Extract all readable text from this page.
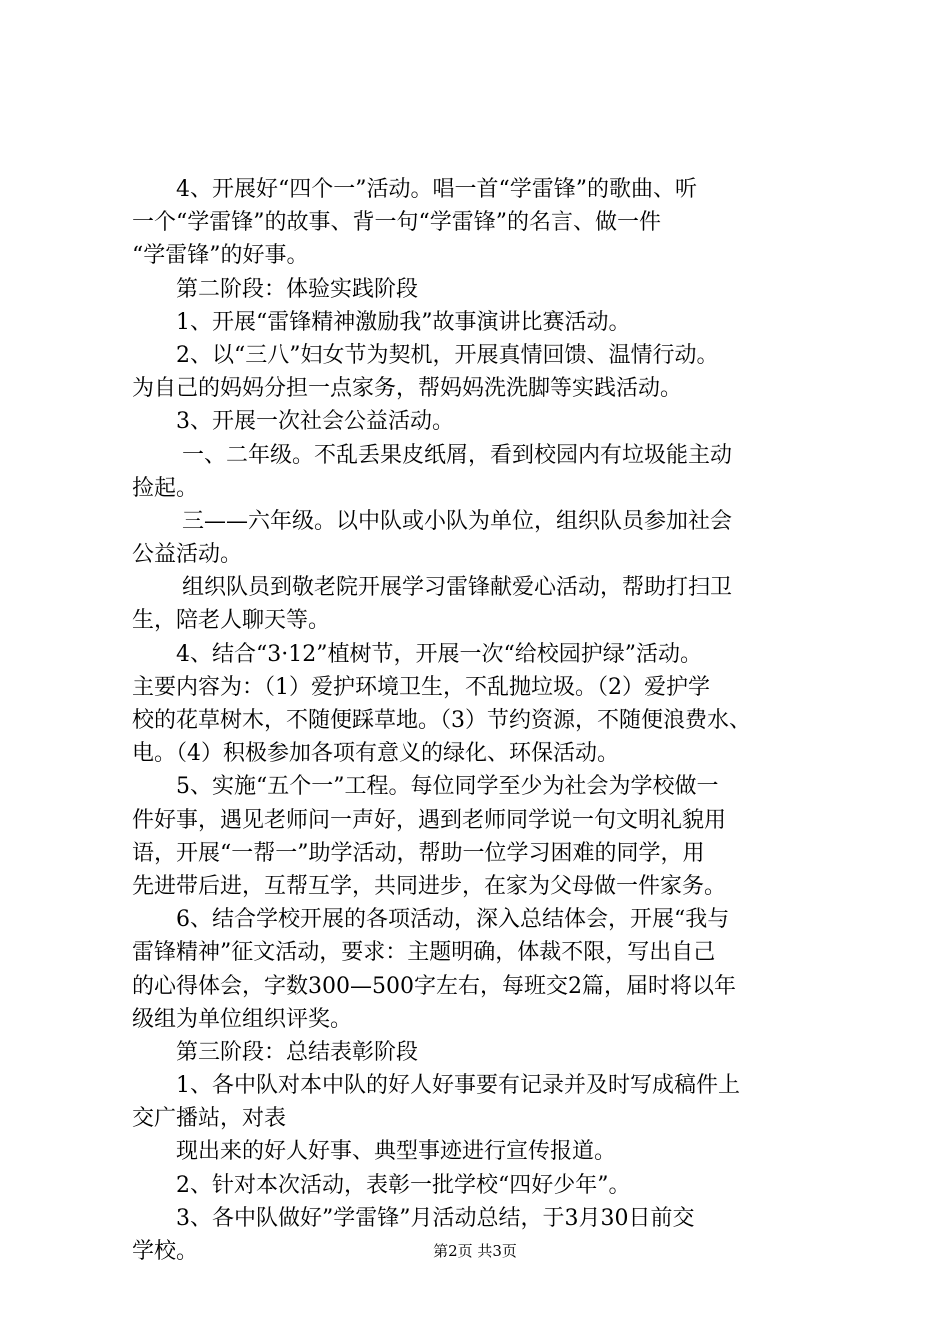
4、开展好“四个一”活动。唱一首“学雷锋”的歌曲、听
一个“学雷锋”的故事、背一句“学雷锋”的名言、做一件
“学雷锋”的好事。
第二阶段：体验实践阶段
1、开展“雷锋精神激励我”故事演讲比赛活动。
2、以“三八”妇女节为契机，开展真情回馈、温情行动。
为自己的妈妈分担一点家务，帮妈妈洗洗脚等实践活动。
3、开展一次社会公益活动。
一、二年级。不乱丢果皮纸屑，看到校园内有垃圾能主动
捡起。
三——六年级。以中队或小队为单位，组织队员参加社会
公益活动。
组织队员到敬老院开展学习雷锋献爱心活动，帮助打扫卫
生，陪老人聊天等。
4、结合“3·12”植树节，开展一次“给校园护绿”活动。
主要内容为：（1）爱护环境卫生，不乱抛垃圾。（2）爱护学
校的花草树木，不随便踩草地。（3）节约资源，不随便浪费水、
电。（4）积极参加各项有意义的绿化、环保活动。
5、实施“五个一”工程。每位同学至少为社会为学校做一
件好事，遇见老师问一声好，遇到老师同学说一句文明礼貌用
语，开展“一帮一”助学活动，帮助一位学习困难的同学，用
先进带后进，互帮互学，共同进步，在家为父母做一件家务。
6、结合学校开展的各项活动，深入总结体会，开展“我与
雷锋精神”征文活动，要求：主题明确，体裁不限，写出自己
的心得体会，字数300—500字左右，每班交2篇，届时将以年
级组为单位组织评奖。
第三阶段：总结表彰阶段
1、各中队对本中队的好人好事要有记录并及时写成稿件上
交广播站，对表
现出来的好人好事、典型事迹进行宣传报道。
2、针对本次活动，表彰一批学校“四好少年”。
3、各中队做好”学雷锋”月活动总结，于3月30日前交
学校。	第2页 共3页
